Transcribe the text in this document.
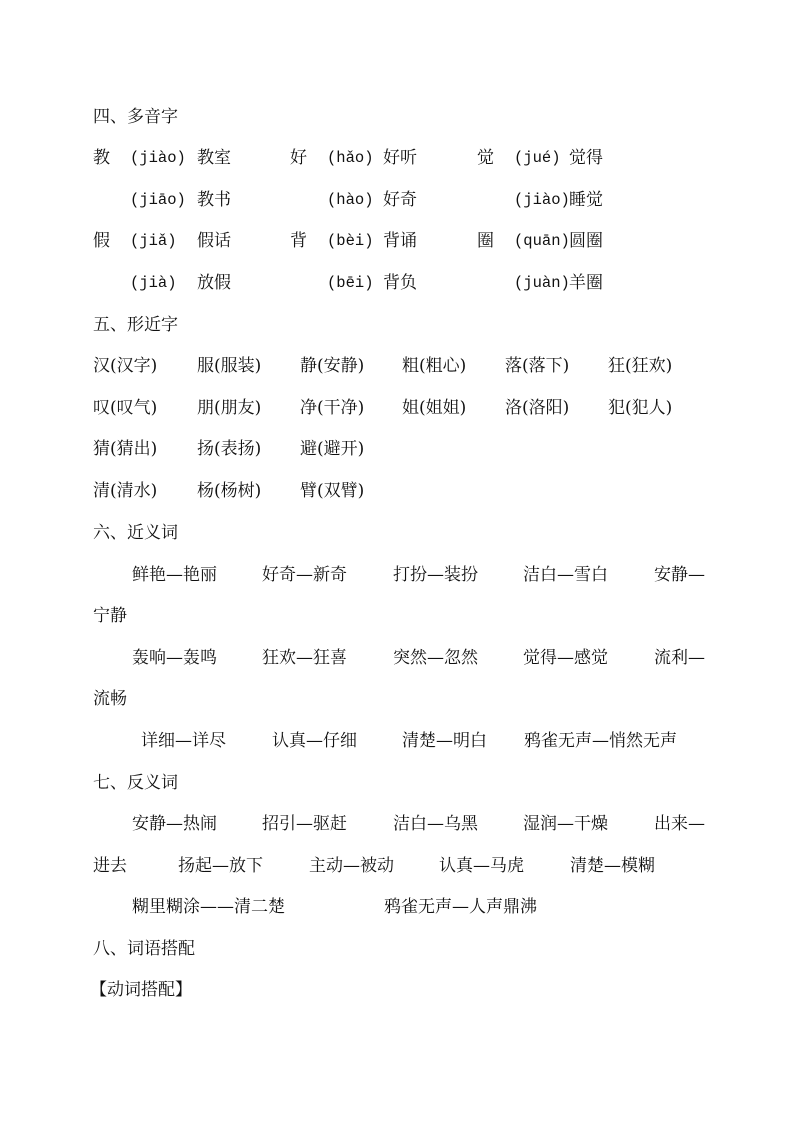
四、多音字
教 (jiào) 教室	好 (hǎo) 好听	觉 (jué) 觉得
(jiāo) 教书	(hào) 好奇	(jiào) 睡觉
假 (jiǎ) 假话	背 (bèi) 背诵	圈 (quān) 圆圈
(jià) 放假	(bēi) 背负	(juàn) 羊圈
五、形近字
汉(汉字) 服(服装) 静(安静) 粗(粗心) 落(落下) 狂(狂欢)
叹(叹气) 朋(朋友) 净(干净) 姐(姐姐) 洛(洛阳) 犯(犯人)
猜(猜出) 扬(表扬) 避(避开)
清(清水) 杨(杨树) 臂(双臂)
六、近义词
鲜艳—艳丽	好奇—新奇	打扮—装扮	洁白—雪白	安静—
宁静
轰响—轰鸣	狂欢—狂喜	突然—忽然	觉得—感觉	流利—
流畅
详细—详尽	认真—仔细	清楚—明白 鸦雀无声—悄然无声
七、反义词
安静—热闹	招引—驱赶	洁白—乌黑	湿润—干燥	出来—
进去	扬起—放下	主动—被动	认真—马虎	清楚—模糊
糊里糊涂——清二楚	鸦雀无声—人声鼎沸
八、词语搭配
【动词搭配】
